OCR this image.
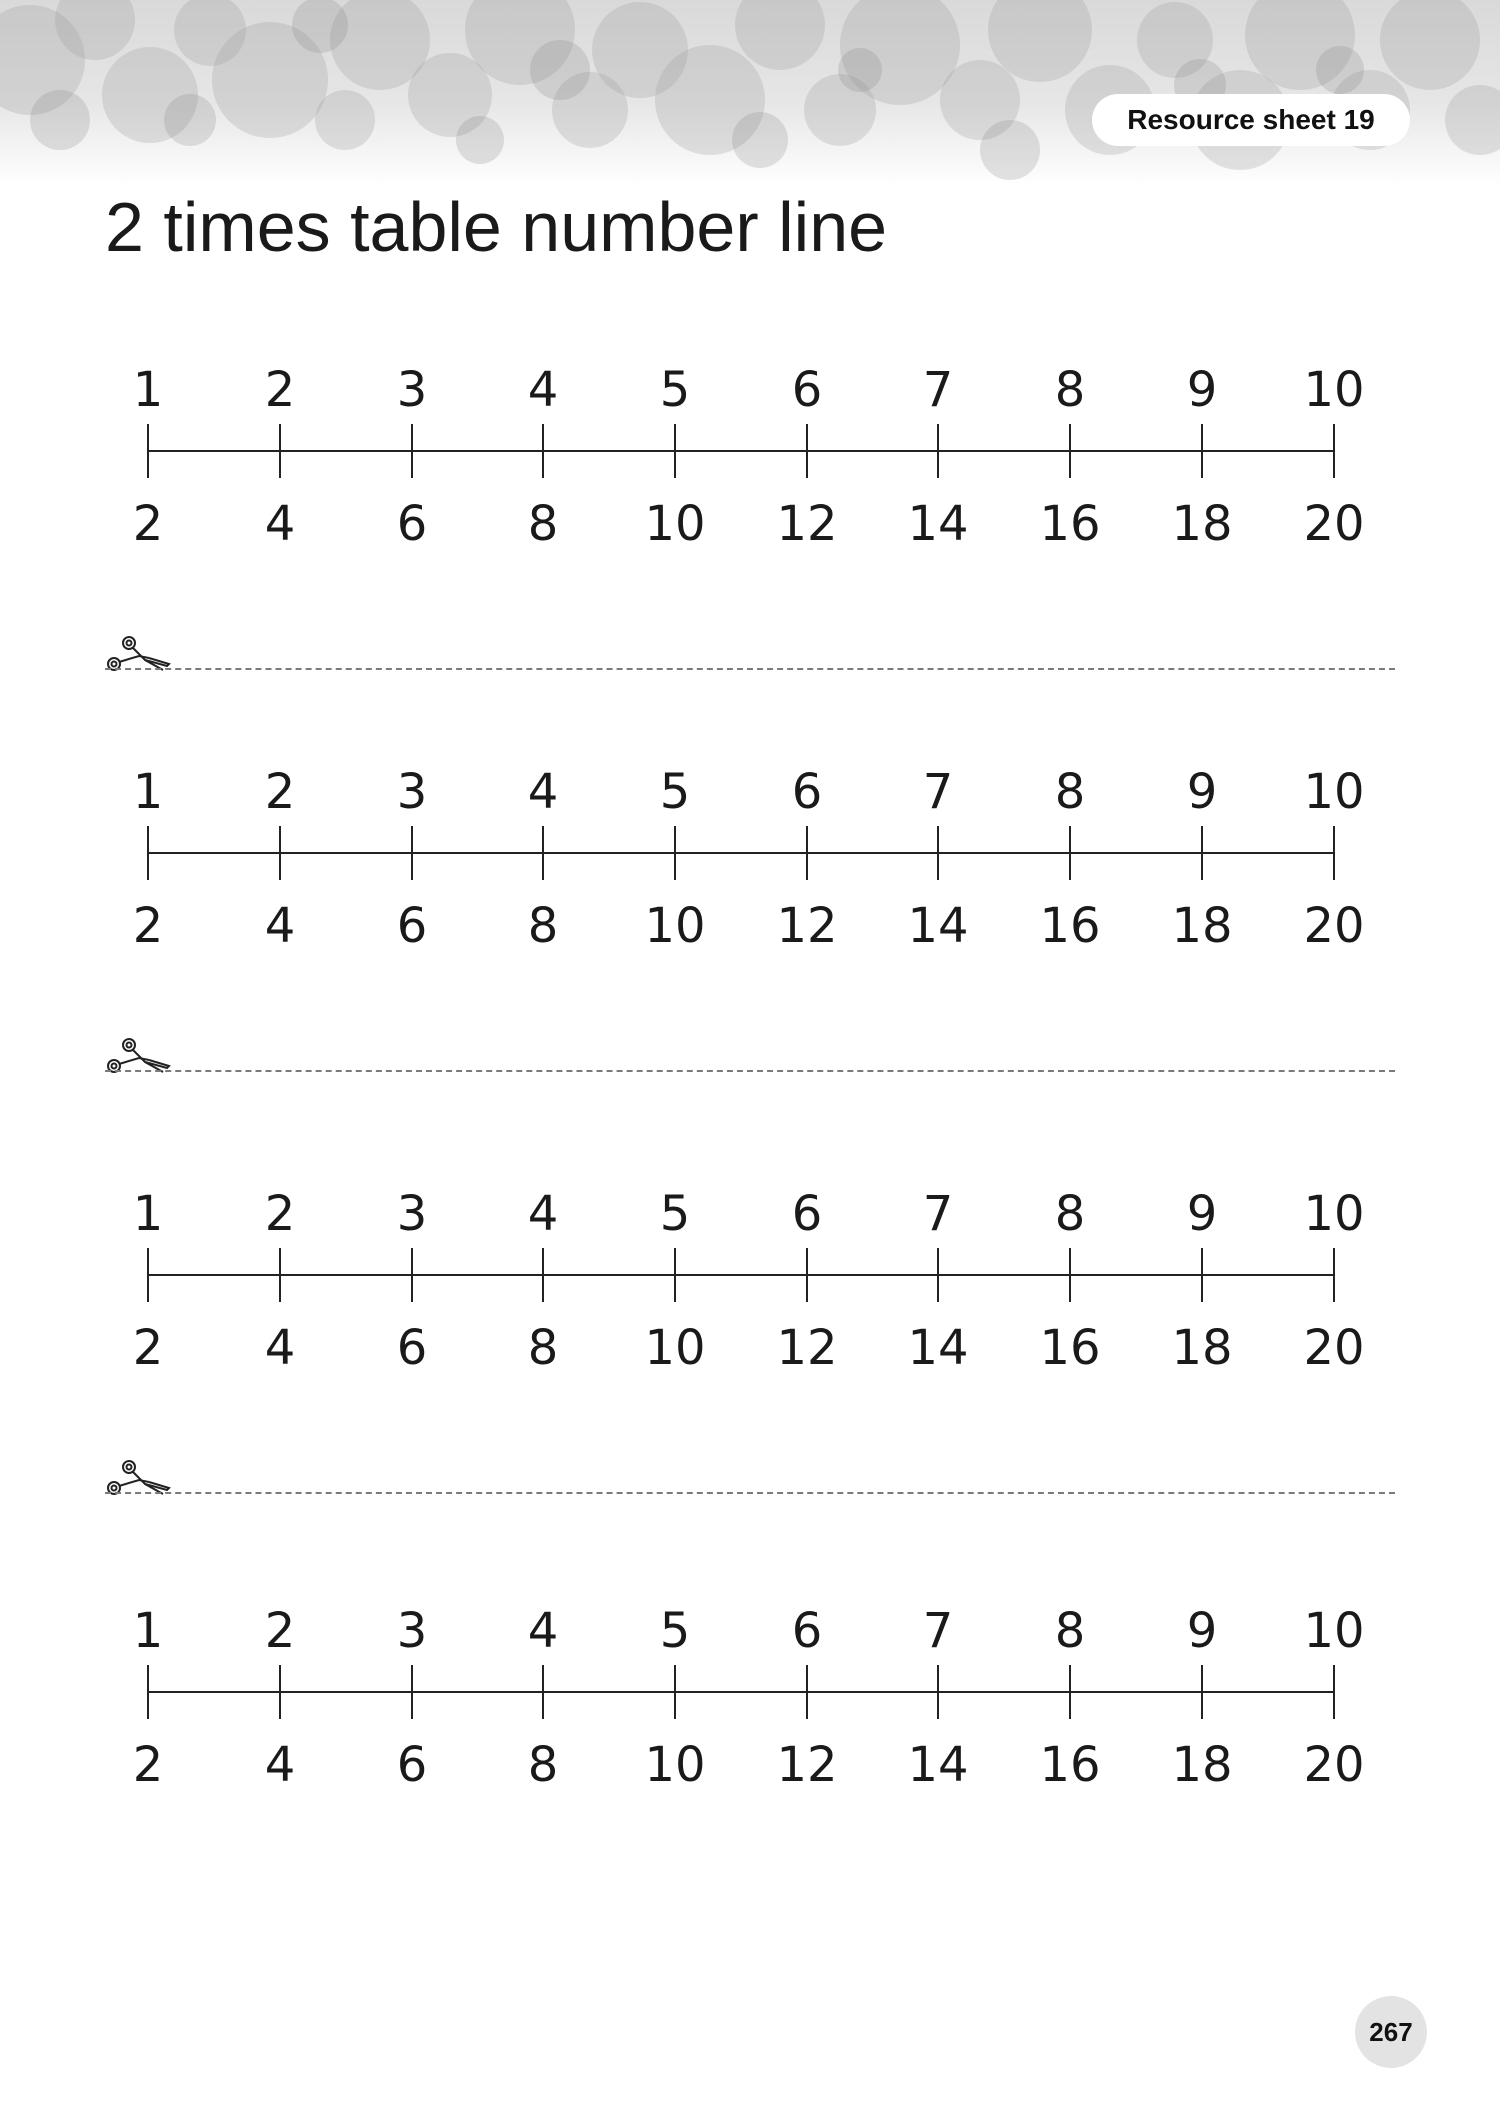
Resource sheet 19
2 times table number line
1
2
2
4
3
6
4
8
5
10
6
12
7
14
8
16
9
18
10
20
1
2
2
4
3
6
4
8
5
10
6
12
7
14
8
16
9
18
10
20
1
2
2
4
3
6
4
8
5
10
6
12
7
14
8
16
9
18
10
20
1
2
2
4
3
6
4
8
5
10
6
12
7
14
8
16
9
18
10
20
267
